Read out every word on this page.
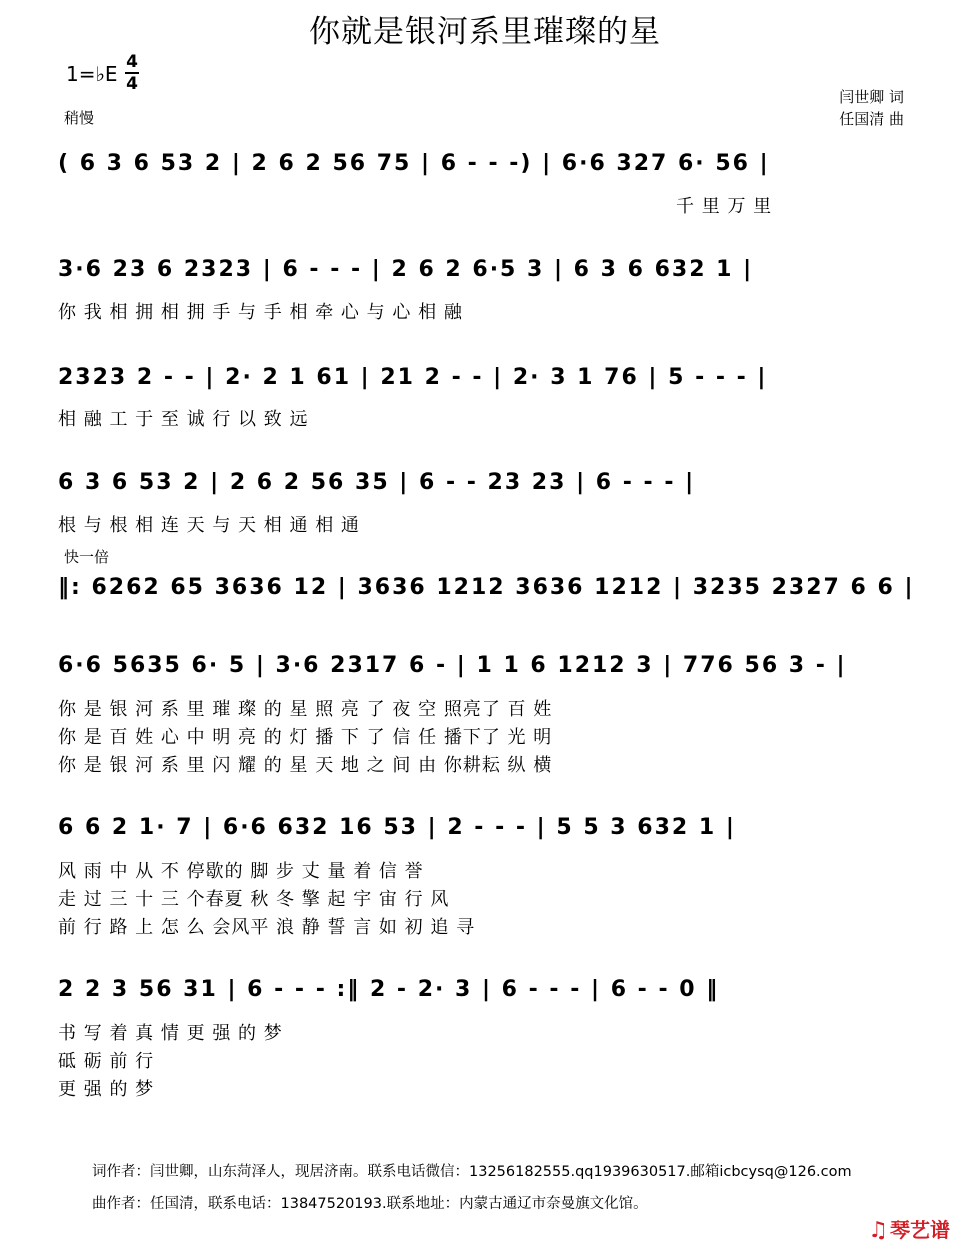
你就是银河系里璀璨的星
1=♭E 4
4
稍慢
闫世卿 词
任国清 曲
( 6 3 6 53 2 | 2 6 2 56 75 | 6 - - -) | 6·6 327 6· 56 |
千 里 万 里
3·6 23 6 2323 | 6 - - - | 2 6 2 6·5 3 | 6 3 6 632 1 |
你 我 相 拥 相 拥 手 与 手 相 牵 心 与 心 相 融
2323 2 - - | 2· 2 1 61 | 21 2 - - | 2· 3 1 76 | 5 - - - |
相 融 工 于 至 诚 行 以 致 远
6 3 6 53 2 | 2 6 2 56 35 | 6 - - 23 23 | 6 - - - |
根 与 根 相 连 天 与 天 相 通 相 通
快一倍
‖: 6262 65 3636 12 | 3636 1212 3636 1212 | 3235 2327 6 6 |
6·6 5635 6· 5 | 3·6 2317 6 - | 1 1 6 1212 3 | 776 56 3 - |
你 是 银 河 系 里 璀 璨 的 星 照 亮 了 夜 空 照亮了 百 姓
你 是 百 姓 心 中 明 亮 的 灯 播 下 了 信 任 播下了 光 明
你 是 银 河 系 里 闪 耀 的 星 天 地 之 间 由 你耕耘 纵 横
6 6 2 1· 7 | 6·6 632 16 53 | 2 - - - | 5 5 3 632 1 |
风 雨 中 从 不 停歇的 脚 步 丈 量 着 信 誉
走 过 三 十 三 个春夏 秋 冬 擎 起 宇 宙 行 风
前 行 路 上 怎 么 会风平 浪 静 誓 言 如 初 追 寻
2 2 3 56 31 | 6 - - - :‖ 2 - 2· 3 | 6 - - - | 6 - - 0 ‖
书 写 着 真 情 更 强 的 梦
砥 砺 前 行
更 强 的 梦
词作者：闫世卿，山东菏泽人，现居济南。联系电话微信：13256182555.qq1939630517.邮箱icbcysq@126.com
曲作者：任国清，联系电话：13847520193.联系地址：内蒙古通辽市奈曼旗文化馆。
♫ 琴艺谱
